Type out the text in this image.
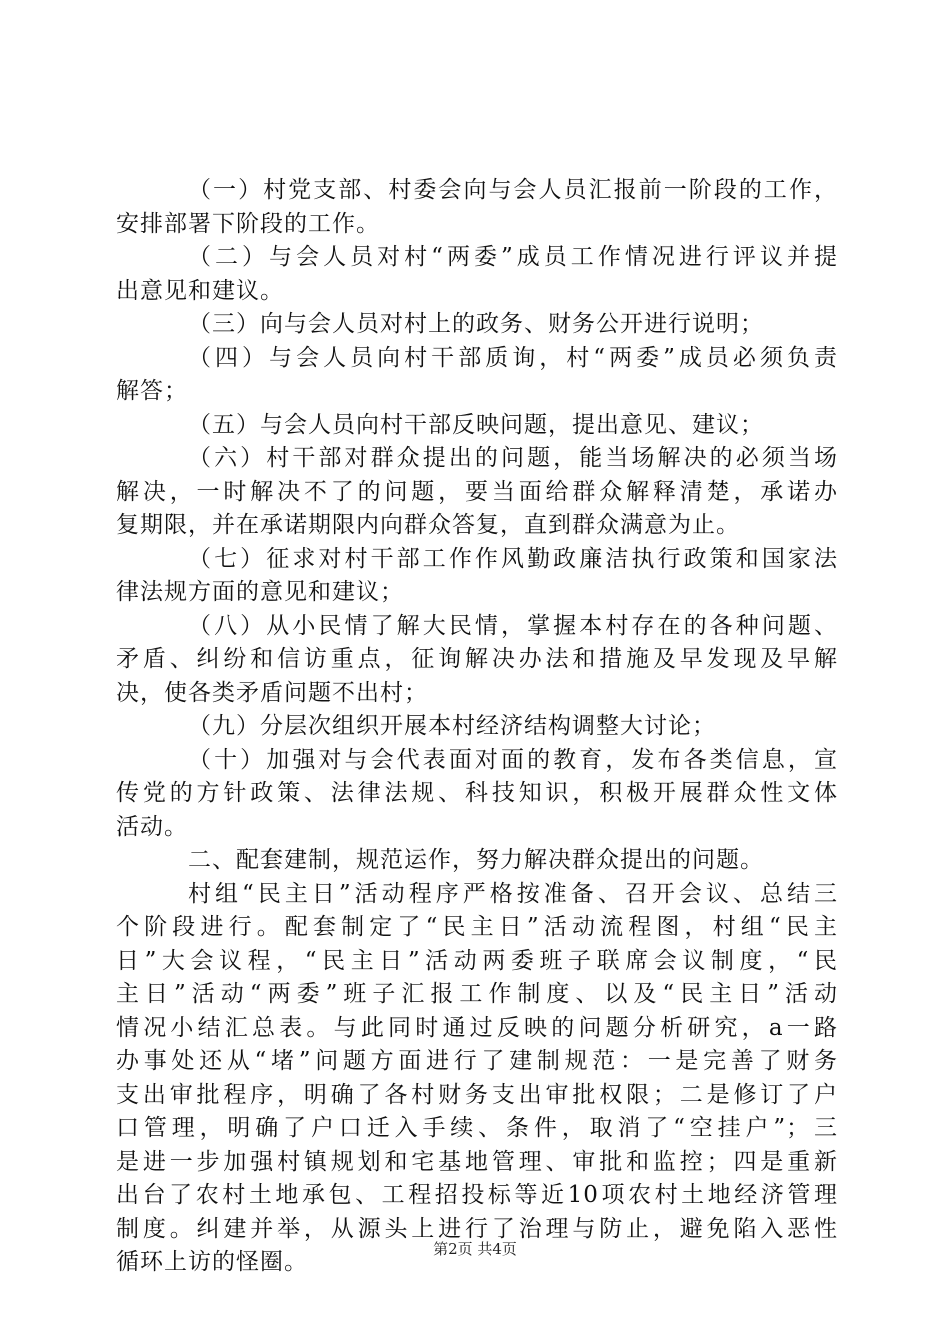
（一）村党支部、村委会向与会人员汇报前一阶段的工作，
安排部署下阶段的工作。
（二）与会人员对村“两委”成员工作情况进行评议并提
出意见和建议。
（三）向与会人员对村上的政务、财务公开进行说明；
（四）与会人员向村干部质询，村“两委”成员必须负责
解答；
（五）与会人员向村干部反映问题，提出意见、建议；
（六）村干部对群众提出的问题，能当场解决的必须当场
解决，一时解决不了的问题，要当面给群众解释清楚，承诺办
复期限，并在承诺期限内向群众答复，直到群众满意为止。
（七）征求对村干部工作作风勤政廉洁执行政策和国家法
律法规方面的意见和建议；
（八）从小民情了解大民情，掌握本村存在的各种问题、
矛盾、纠纷和信访重点，征询解决办法和措施及早发现及早解
决，使各类矛盾问题不出村；
（九）分层次组织开展本村经济结构调整大讨论；
（十）加强对与会代表面对面的教育，发布各类信息，宣
传党的方针政策、法律法规、科技知识，积极开展群众性文体
活动。
二、配套建制，规范运作，努力解决群众提出的问题。
村组“民主日”活动程序严格按准备、召开会议、总结三
个阶段进行。配套制定了“民主日”活动流程图，村组“民主
日”大会议程，“民主日”活动两委班子联席会议制度，“民
主日”活动“两委”班子汇报工作制度、以及“民主日”活动
情况小结汇总表。与此同时通过反映的问题分析研究，a一路
办事处还从“堵”问题方面进行了建制规范：一是完善了财务
支出审批程序，明确了各村财务支出审批权限；二是修订了户
口管理，明确了户口迁入手续、条件，取消了“空挂户”；三
是进一步加强村镇规划和宅基地管理、审批和监控；四是重新
出台了农村土地承包、工程招投标等近10项农村土地经济管理
制度。纠建并举，从源头上进行了治理与防止，避免陷入恶性
循环上访的怪圈。	第2页 共4页
